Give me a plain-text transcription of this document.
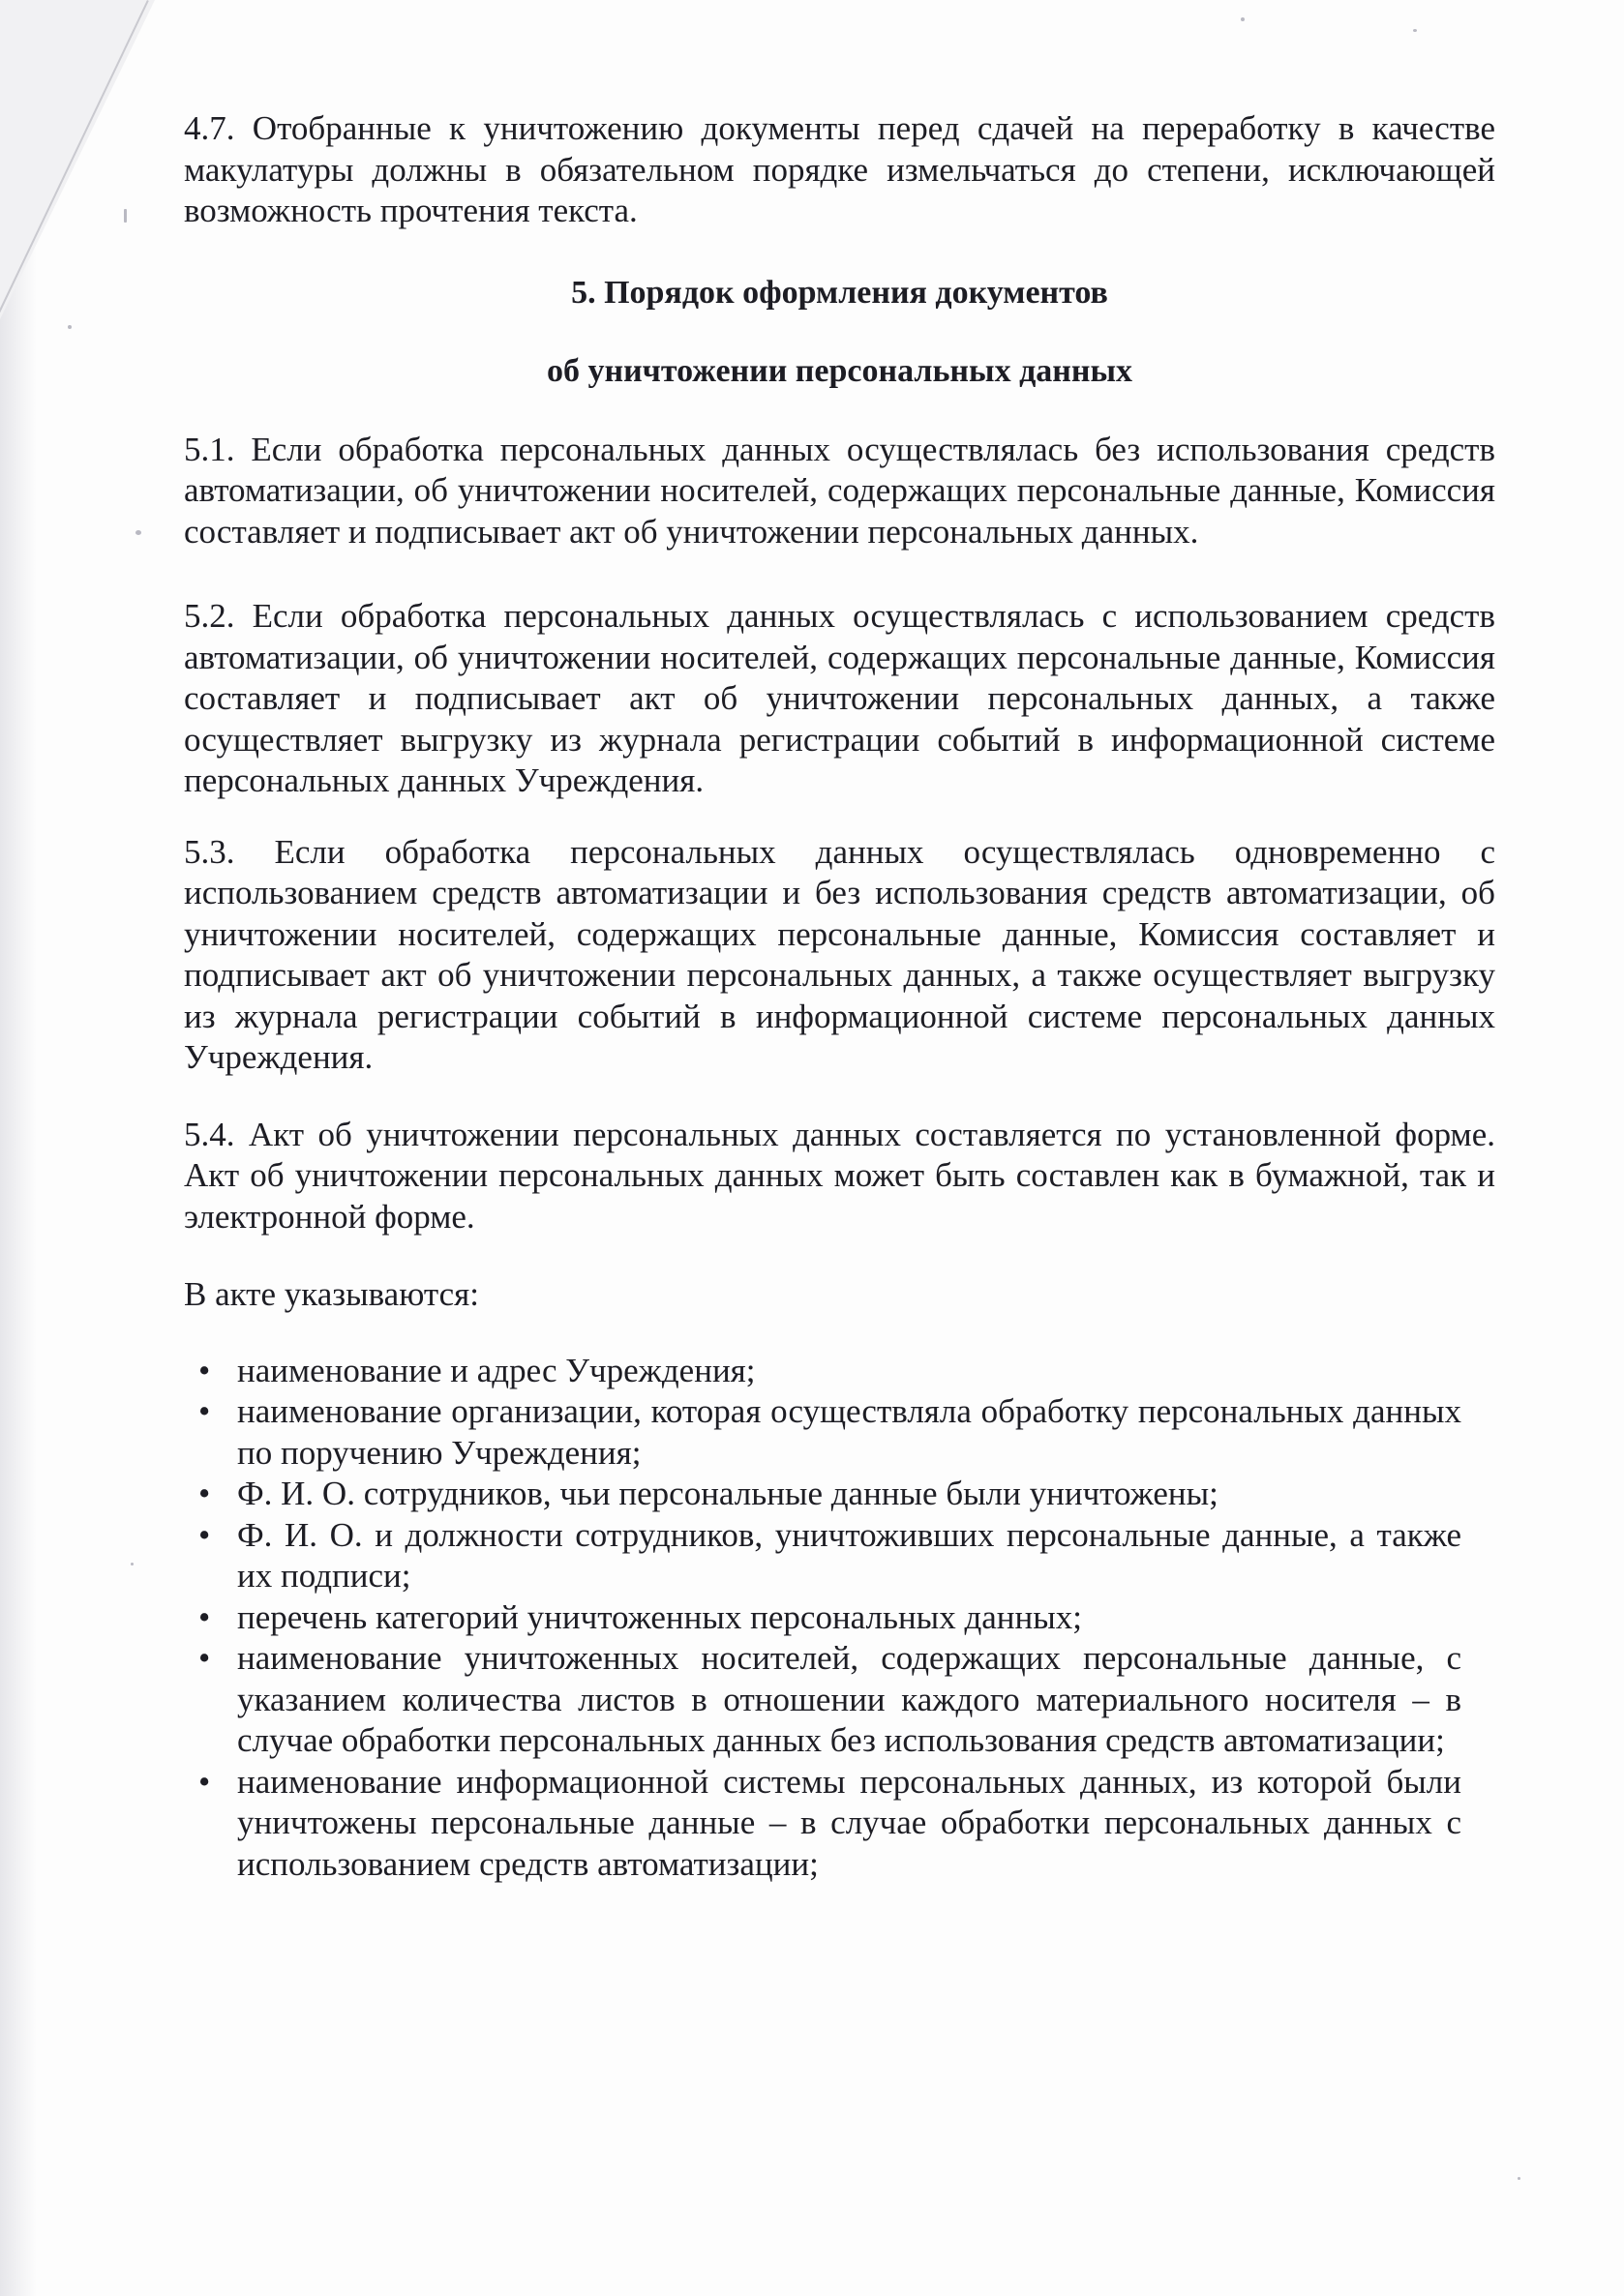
4.7. Отобранные к уничтожению документы перед сдачей на переработку в качестве макулатуры должны в обязательном порядке измельчаться до степени, исключающей возможность прочтения текста.

5. Порядок оформления документов

об уничтожении персональных данных

5.1. Если обработка персональных данных осуществлялась без использования средств автоматизации, об уничтожении носителей, содержащих персональные данные, Комиссия составляет и подписывает акт об уничтожении персональных данных.

5.2. Если обработка персональных данных осуществлялась с использованием средств автоматизации, об уничтожении носителей, содержащих персональные данные, Комиссия составляет и подписывает акт об уничтожении персональных данных, а также осуществляет выгрузку из журнала регистрации событий в информационной системе персональных данных Учреждения.

5.3. Если обработка персональных данных осуществлялась одновременно с использованием средств автоматизации и без использования средств автоматизации, об уничтожении носителей, содержащих персональные данные, Комиссия составляет и подписывает акт об уничтожении персональных данных, а также осуществляет выгрузку из журнала регистрации событий в информационной системе персональных данных Учреждения.

5.4. Акт об уничтожении персональных данных составляется по установленной форме. Акт об уничтожении персональных данных может быть составлен как в бумажной, так и электронной форме.

В акте указываются:

• наименование и адрес Учреждения;
• наименование организации, которая осуществляла обработку персональных данных по поручению Учреждения;
• Ф. И. О. сотрудников, чьи персональные данные были уничтожены;
• Ф. И. О. и должности сотрудников, уничтоживших персональные данные, а также их подписи;
• перечень категорий уничтоженных персональных данных;
• наименование уничтоженных носителей, содержащих персональные данные, с указанием количества листов в отношении каждого материального носителя – в случае обработки персональных данных без использования средств автоматизации;
• наименование информационной системы персональных данных, из которой были уничтожены персональные данные – в случае обработки персональных данных с использованием средств автоматизации;
